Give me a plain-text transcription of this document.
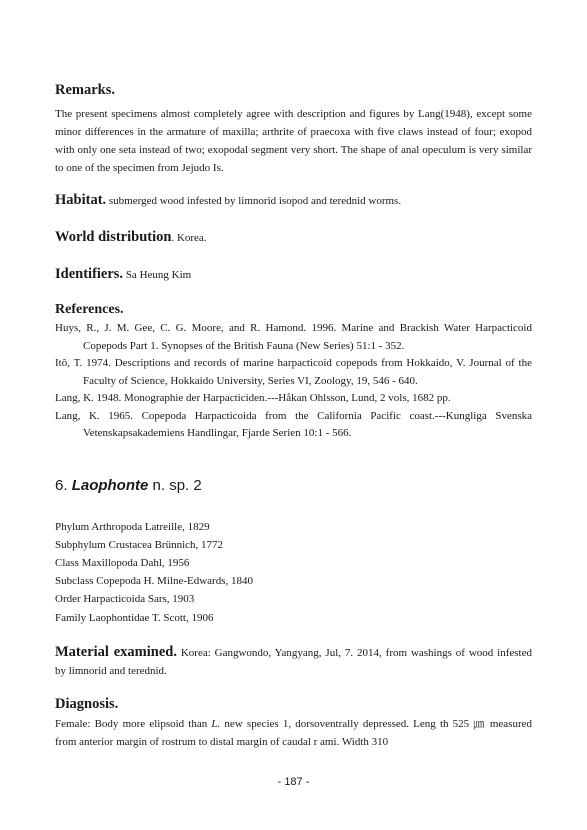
Remarks.

The present specimens almost completely agree with description and figures by Lang(1948), except some minor differences in the armature of maxilla; arthrite of praecoxa with five claws instead of four; exopod with only one seta instead of two; exopodal segment very short. The shape of anal opeculum is very similar to one of the specimen from Jejudo Is.

Habitat. submerged wood infested by limnorid isopod and terednid worms.

World distribution. Korea.

Identifiers. Sa Heung Kim

References.

Huys, R., J. M. Gee, C. G. Moore, and R. Hamond. 1996. Marine and Brackish Water Harpacticoid Copepods Part 1. Synopses of the British Fauna (New Series) 51:1 - 352.

Itô, T. 1974. Descriptions and records of marine harpacticoid copepods from Hokkaido, V. Journal of the Faculty of Science, Hokkaido University, Series VI, Zoology, 19, 546 - 640.

Lang, K. 1948. Monographie der Harpacticiden.---Håkan Ohlsson, Lund, 2 vols, 1682 pp.

Lang, K. 1965. Copepoda Harpacticoida from the California Pacific coast.---Kungliga Svenska Vetenskapsakademiens Handlingar, Fjarde Serien 10:1 - 566.

6. Laophonte n. sp. 2

Phylum Arthropoda Latreille, 1829

Subphylum Crustacea Brünnich, 1772

Class Maxillopoda Dahl, 1956

Subclass Copepoda H. Milne-Edwards, 1840

Order Harpacticoida Sars, 1903

Family Laophontidae T. Scott, 1906

Material examined. Korea: Gangwondo, Yangyang, Jul, 7. 2014, from washings of wood infested by limnorid and terednid.

Diagnosis.

Female: Body more elipsoid than L. new species 1, dorsoventrally depressed. Leng th 525 ㎛ measured from anterior margin of rostrum to distal margin of caudal r ami. Width 310

- 187 -
